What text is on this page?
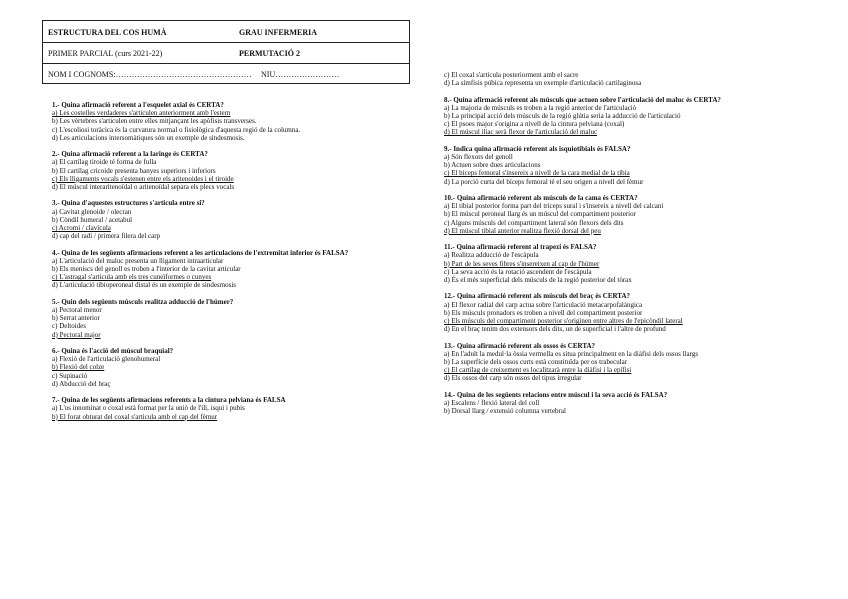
ESTRUCTURA DEL COS HUMÀ	GRAU INFERMERIA
PRIMER PARCIAL (curs 2021-22)	PERMUTACIÓ 2
NOM I COGNOMS:…………………………………………… NIU……………………
1.- Quina afirmació referent a l'esquelet axial és CERTA?
a) Les costelles verdaderes s'articulen anteriorment amb l'estern
b) Les vèrtebres s'articulen entre elles mitjançant les apòfisis transverses.
c) L'escoliosi toràcica és la curvatura normal o fisiològica d'aquesta regió de la columna.
d) Les articulacions intersomàtiques són un exemple de sindesmosis.
2.- Quina afirmació referent a la laringe és CERTA?
a) El cartílag tiroide té forma de fulla
b) El cartílag cricoide presenta banyes superiors i inferiors
c) Els lligaments vocals s'estenen entre els aritenoides i el tiroide
d) El múscul interaritenoïdal o aritenoïdal separa els plecs vocals
3.- Quina d'aquestes estructures s'articula entre si?
a) Cavitat glenoide / olecran
b) Còndil humeral / acetabul
c) Acromi / clavícula
d) cap del radi / primera filera del carp
4.- Quina de les següents afirmacions referent a les articulacions de l'extremitat inferior és FALSA?
a) L'articulació del maluc presenta un lligament intraarticular
b) Els meniscs del genoll es troben a l'interior de la cavitat articular
c) L'astragal s'articula amb els tres cuneïformes o cunyes
d) L'articulació tibioperoneal distal és un exemple de sindesmosis
5.- Quin dels següents músculs realitza adducció de l'húmer?
a) Pectoral menor
b) Serrat anterior
c) Deltoides
d) Pectoral major
6.- Quina és l'acció del múscul braquial?
a) Flexió de l'articulació glenohumeral
b) Flexió del colze
c) Supinació
d) Abducció del braç
7.- Quina de les següents afirmacions referents a la cintura pelviana és FALSA
a) L'os innominat o coxal està format per la unió de l'ili, isqui i pubis
b) El forat obturat del coxal s'articula amb el cap del fèmur
c) El coxal s'articula posteriorment amb el sacre
d) La símfisis púbica representa un exemple d'articulació cartilaginosa
8.- Quina afirmació referent als músculs que actuen sobre l'articulació del maluc és CERTA?
a) La majoria de músculs es troben a la regió anterior de l'articulació
b) La principal acció dels músculs de la regió glútia seria la adducció de l'articulació
c) El psoes major s'origina a nivell de la cintura pelviana (coxal)
d) El múscul ilíac serà flexor de l'articulació del maluc
9.- Indica quina afirmació referent als isquiotibials és FALSA?
a) Són flexors del genoll
b) Actuen sobre dues articulacions
c) El bíceps femoral s'insereix a nivell de la cara medial de la tíbia
d) La porció curta del bíceps femoral té el seu origen a nivell del fèmur
10.- Quina afirmació referent als músculs de la cama és CERTA?
a) El tibial posterior forma part del tríceps sural i s'insereix a nivell del calcani
b) El múscul peroneal llarg és un múscul del compartiment posterior
c) Alguns músculs del compartiment lateral són flexors dels dits
d) El múscul tibial anterior realitza flexió dorsal del peu
11.- Quina afirmació referent al trapezi és FALSA?
a) Realitza adducció de l'escàpula
b) Part de les seves fibres s'insereixen al cap de l'húmer
c) La seva acció és la rotació ascendent de l'escàpula
d) És el més superficial dels músculs de la regió posterior del tòrax
12.- Quina afirmació referent als músculs del braç és CERTA?
a) El flexor radial del carp actua sobre l'articulació metacarpofalàngica
b) Els músculs pronadors es troben a nivell del compartiment posterior
c) Els músculs del compartiment posterior s'originen entre altres de l'epicòndil lateral
d) En el braç tenim dos extensors dels dits, un de superficial i l'altre de profund
13.- Quina afirmació referent als ossos és CERTA?
a) En l'adult la medul·la òssia vermella es situa principalment en la diàfisi dels ossos llargs
b) La superfície dels ossos curts està constituïda per os trabecular
c) El cartílag de creixement es localitzarà entre la diàfisi i la epífisi
d) Els ossos del carp són ossos del tipus irregular
14.- Quina de les següents relacions entre múscul i la seva acció és FALSA?
a) Escalens / flexió lateral del coll
b) Dorsal llarg / extensió columna vertebral
